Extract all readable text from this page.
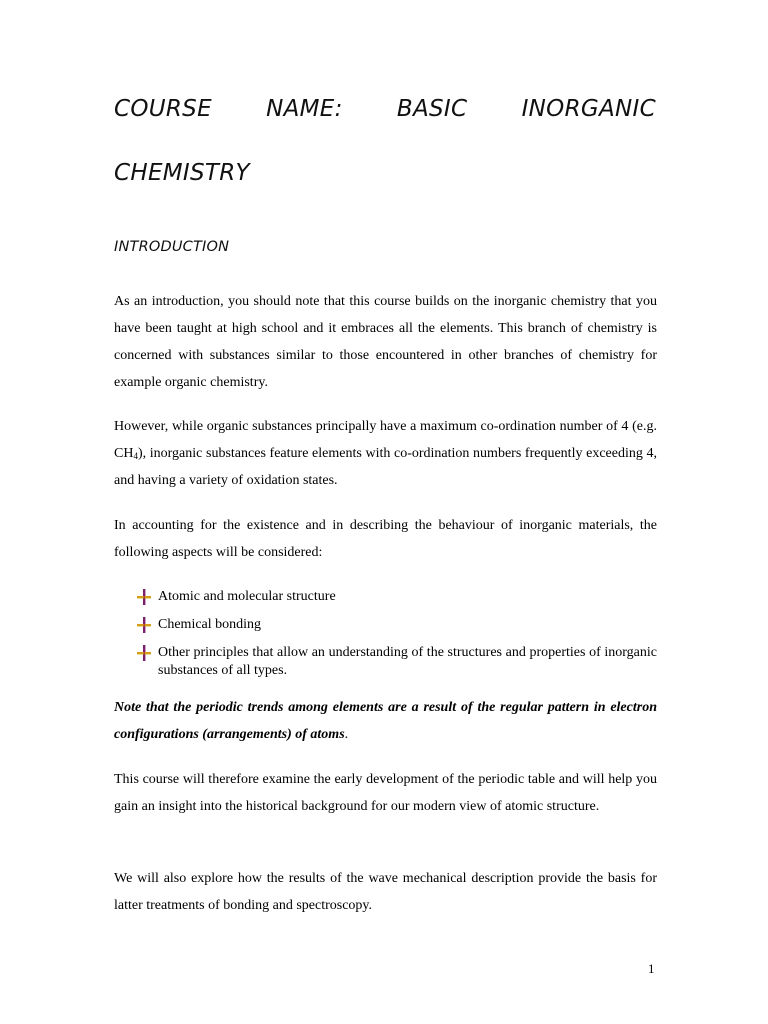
COURSE NAME: BASIC INORGANIC
CHEMISTRY
INTRODUCTION

As an introduction, you should note that this course builds on the inorganic chemistry that you have been taught at high school and it embraces all the elements. This branch of chemistry is concerned with substances similar to those encountered in other branches of chemistry for example organic chemistry.

However, while organic substances principally have a maximum co-ordination number of 4 (e.g. $CH_4$), inorganic substances feature elements with co-ordination numbers frequently exceeding 4, and having a variety of oxidation states.

In accounting for the existence and in describing the behaviour of inorganic materials, the following aspects will be considered:

Atomic and molecular structure
Chemical bonding
Other principles that allow an understanding of the structures and properties of inorganic substances of all types.

Note that the periodic trends among elements are a result of the regular pattern in electron configurations (arrangements) of atoms.

This course will therefore examine the early development of the periodic table and will help you gain an insight into the historical background for our modern view of atomic structure.

We will also explore how the results of the wave mechanical description provide the basis for latter treatments of bonding and spectroscopy.

1
